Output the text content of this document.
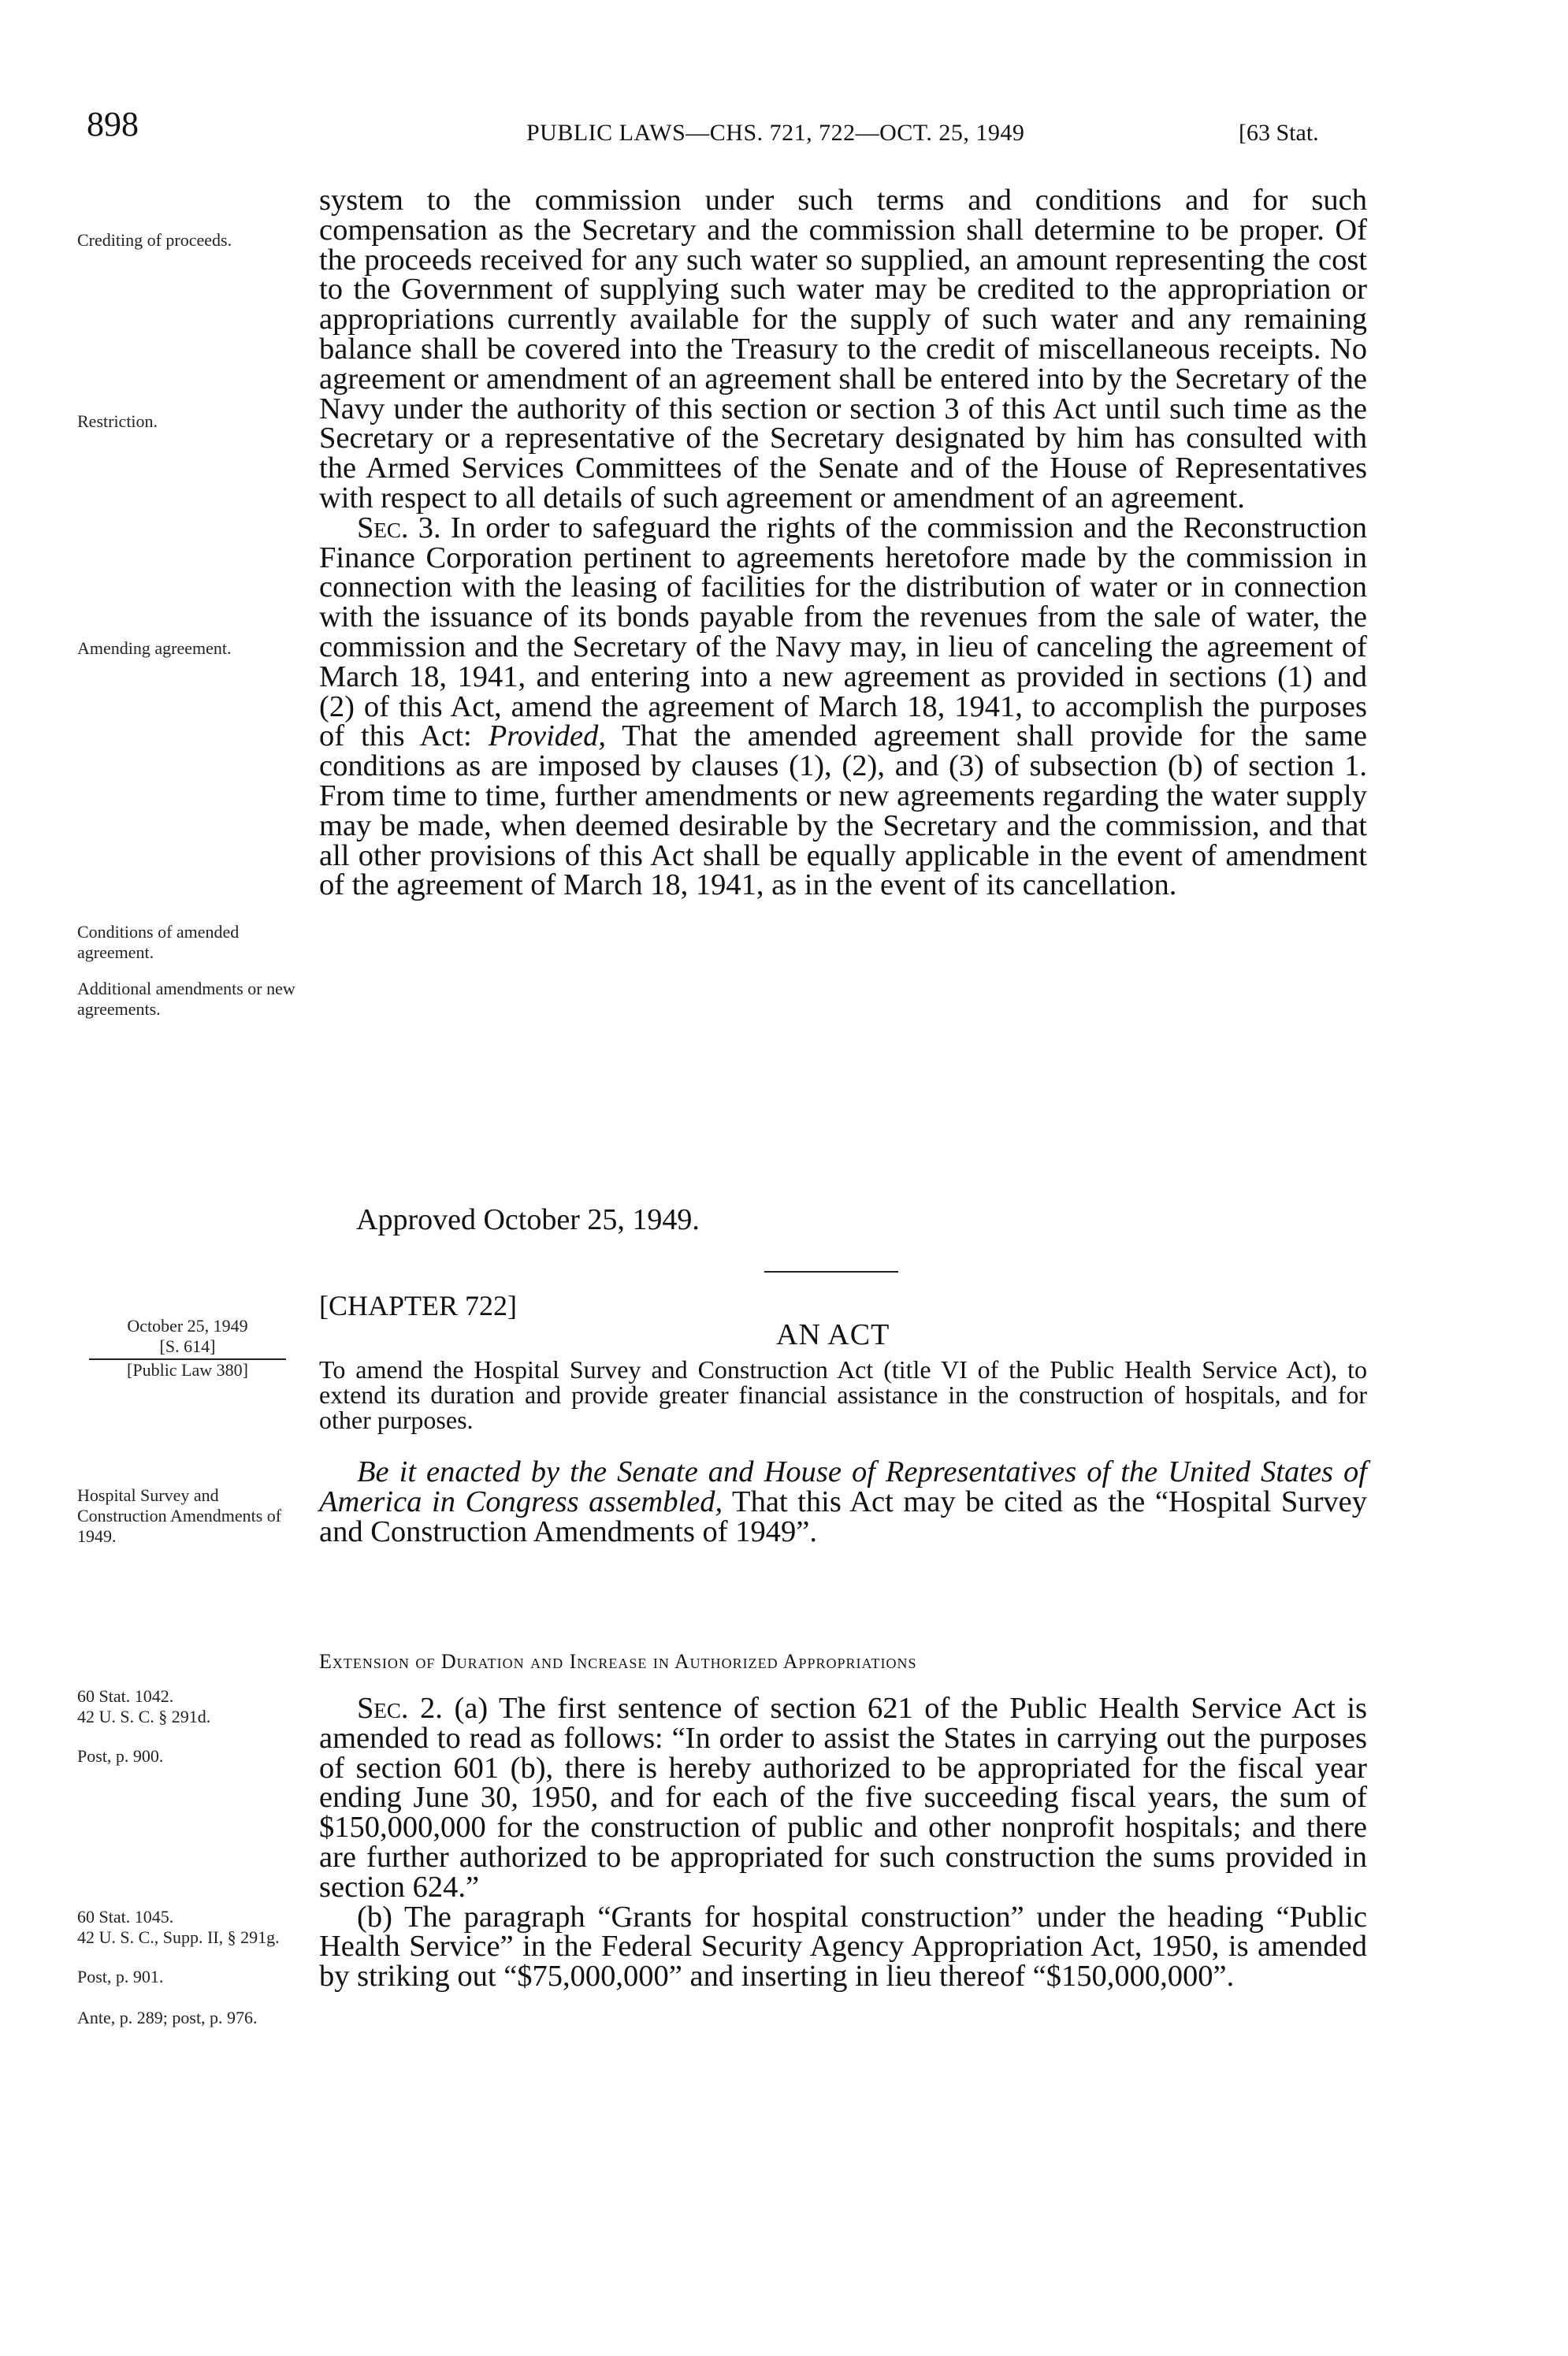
898	PUBLIC LAWS—CHS. 721, 722—OCT. 25, 1949	[63 Stat.
Crediting of proceeds.
Restriction.
Amending agreement.
Conditions of amended agreement.
Additional amendments or new agreements.
October 25, 1949
[S. 614]
[Public Law 380]
Hospital Survey and Construction Amendments of 1949.
60 Stat. 1042.
42 U. S. C. § 291d.
Post, p. 900.
60 Stat. 1045.
42 U. S. C., Supp. II, § 291g.
Post, p. 901.
Ante, p. 289; post, p. 976.

system to the commission under such terms and conditions and for such compensation as the Secretary and the commission shall determine to be proper. Of the proceeds received for any such water so supplied, an amount representing the cost to the Government of supplying such water may be credited to the appropriation or appropriations currently available for the supply of such water and any remaining balance shall be covered into the Treasury to the credit of miscellaneous receipts. No agreement or amendment of an agreement shall be entered into by the Secretary of the Navy under the authority of this section or section 3 of this Act until such time as the Secretary or a representative of the Secretary designated by him has consulted with the Armed Services Committees of the Senate and of the House of Representatives with respect to all details of such agreement or amendment of an agreement.

Sec. 3. In order to safeguard the rights of the commission and the Reconstruction Finance Corporation pertinent to agreements heretofore made by the commission in connection with the leasing of facilities for the distribution of water or in connection with the issuance of its bonds payable from the revenues from the sale of water, the commission and the Secretary of the Navy may, in lieu of canceling the agreement of March 18, 1941, and entering into a new agreement as provided in sections (1) and (2) of this Act, amend the agreement of March 18, 1941, to accomplish the purposes of this Act: Provided, That the amended agreement shall provide for the same conditions as are imposed by clauses (1), (2), and (3) of subsection (b) of section 1. From time to time, further amendments or new agreements regarding the water supply may be made, when deemed desirable by the Secretary and the commission, and that all other provisions of this Act shall be equally applicable in the event of amendment of the agreement of March 18, 1941, as in the event of its cancellation.

Approved October 25, 1949.
[CHAPTER 722]
AN ACT

To amend the Hospital Survey and Construction Act (title VI of the Public Health Service Act), to extend its duration and provide greater financial assistance in the construction of hospitals, and for other purposes.

Be it enacted by the Senate and House of Representatives of the United States of America in Congress assembled, That this Act may be cited as the “Hospital Survey and Construction Amendments of 1949”.

Extension of Duration and Increase in Authorized Appropriations

Sec. 2. (a) The first sentence of section 621 of the Public Health Service Act is amended to read as follows: “In order to assist the States in carrying out the purposes of section 601 (b), there is hereby authorized to be appropriated for the fiscal year ending June 30, 1950, and for each of the five succeeding fiscal years, the sum of $150,000,000 for the construction of public and other nonprofit hospitals; and there are further authorized to be appropriated for such construction the sums provided in section 624.”

(b) The paragraph “Grants for hospital construction” under the heading “Public Health Service” in the Federal Security Agency Appropriation Act, 1950, is amended by striking out “$75,000,000” and inserting in lieu thereof “$150,000,000”.
